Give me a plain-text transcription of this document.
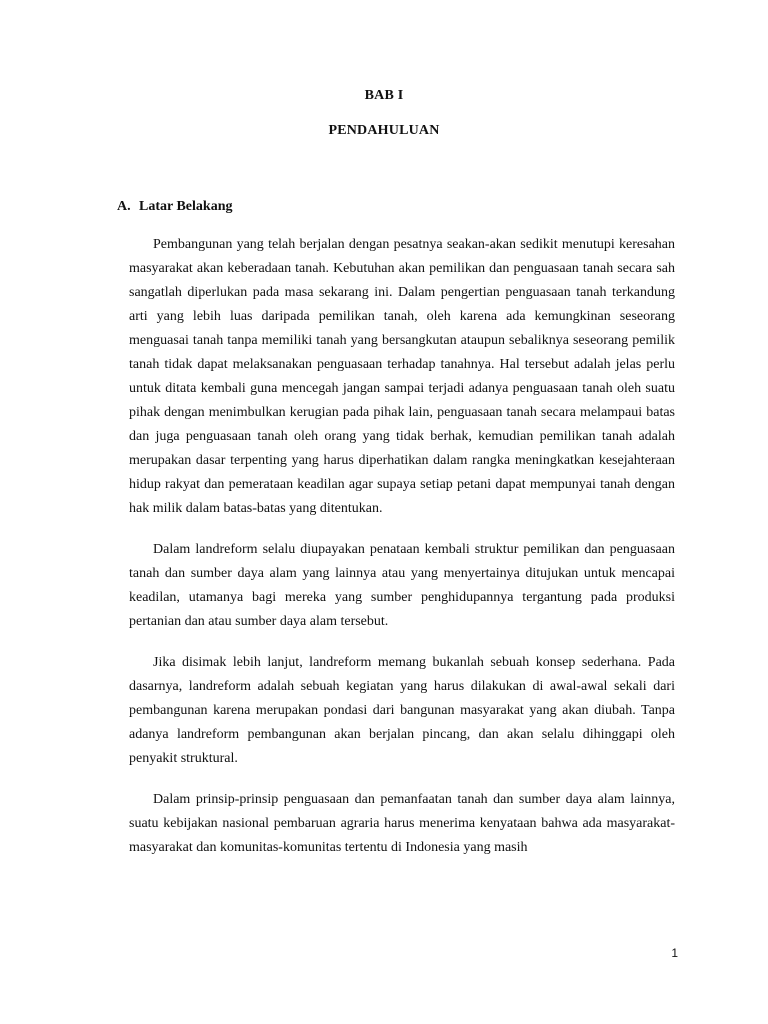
BAB I
PENDAHULUAN
A. Latar Belakang

Pembangunan yang telah berjalan dengan pesatnya seakan-akan sedikit menutupi keresahan masyarakat akan keberadaan tanah. Kebutuhan akan pemilikan dan penguasaan tanah secara sah sangatlah diperlukan pada masa sekarang ini. Dalam pengertian penguasaan tanah terkandung arti yang lebih luas daripada pemilikan tanah, oleh karena ada kemungkinan seseorang menguasai tanah tanpa memiliki tanah yang bersangkutan ataupun sebaliknya seseorang pemilik tanah tidak dapat melaksanakan penguasaan terhadap tanahnya. Hal tersebut adalah jelas perlu untuk ditata kembali guna mencegah jangan sampai terjadi adanya penguasaan tanah oleh suatu pihak dengan menimbulkan kerugian pada pihak lain, penguasaan tanah secara melampaui batas dan juga penguasaan tanah oleh orang yang tidak berhak, kemudian pemilikan tanah adalah merupakan dasar terpenting yang harus diperhatikan dalam rangka meningkatkan kesejahteraan hidup rakyat dan pemerataan keadilan agar supaya setiap petani dapat mempunyai tanah dengan hak milik dalam batas-batas yang ditentukan.

Dalam landreform selalu diupayakan penataan kembali struktur pemilikan dan penguasaan tanah dan sumber daya alam yang lainnya atau yang menyertainya ditujukan untuk mencapai keadilan, utamanya bagi mereka yang sumber penghidupannya tergantung pada produksi pertanian dan atau sumber daya alam tersebut.

Jika disimak lebih lanjut, landreform memang bukanlah sebuah konsep sederhana. Pada dasarnya, landreform adalah sebuah kegiatan yang harus dilakukan di awal-awal sekali dari pembangunan karena merupakan pondasi dari bangunan masyarakat yang akan diubah. Tanpa adanya landreform pembangunan akan berjalan pincang, dan akan selalu dihinggapi oleh penyakit struktural.

Dalam prinsip-prinsip penguasaan dan pemanfaatan tanah dan sumber daya alam lainnya, suatu kebijakan nasional pembaruan agraria harus menerima kenyataan bahwa ada masyarakat-masyarakat dan komunitas-komunitas tertentu di Indonesia yang masih

1
